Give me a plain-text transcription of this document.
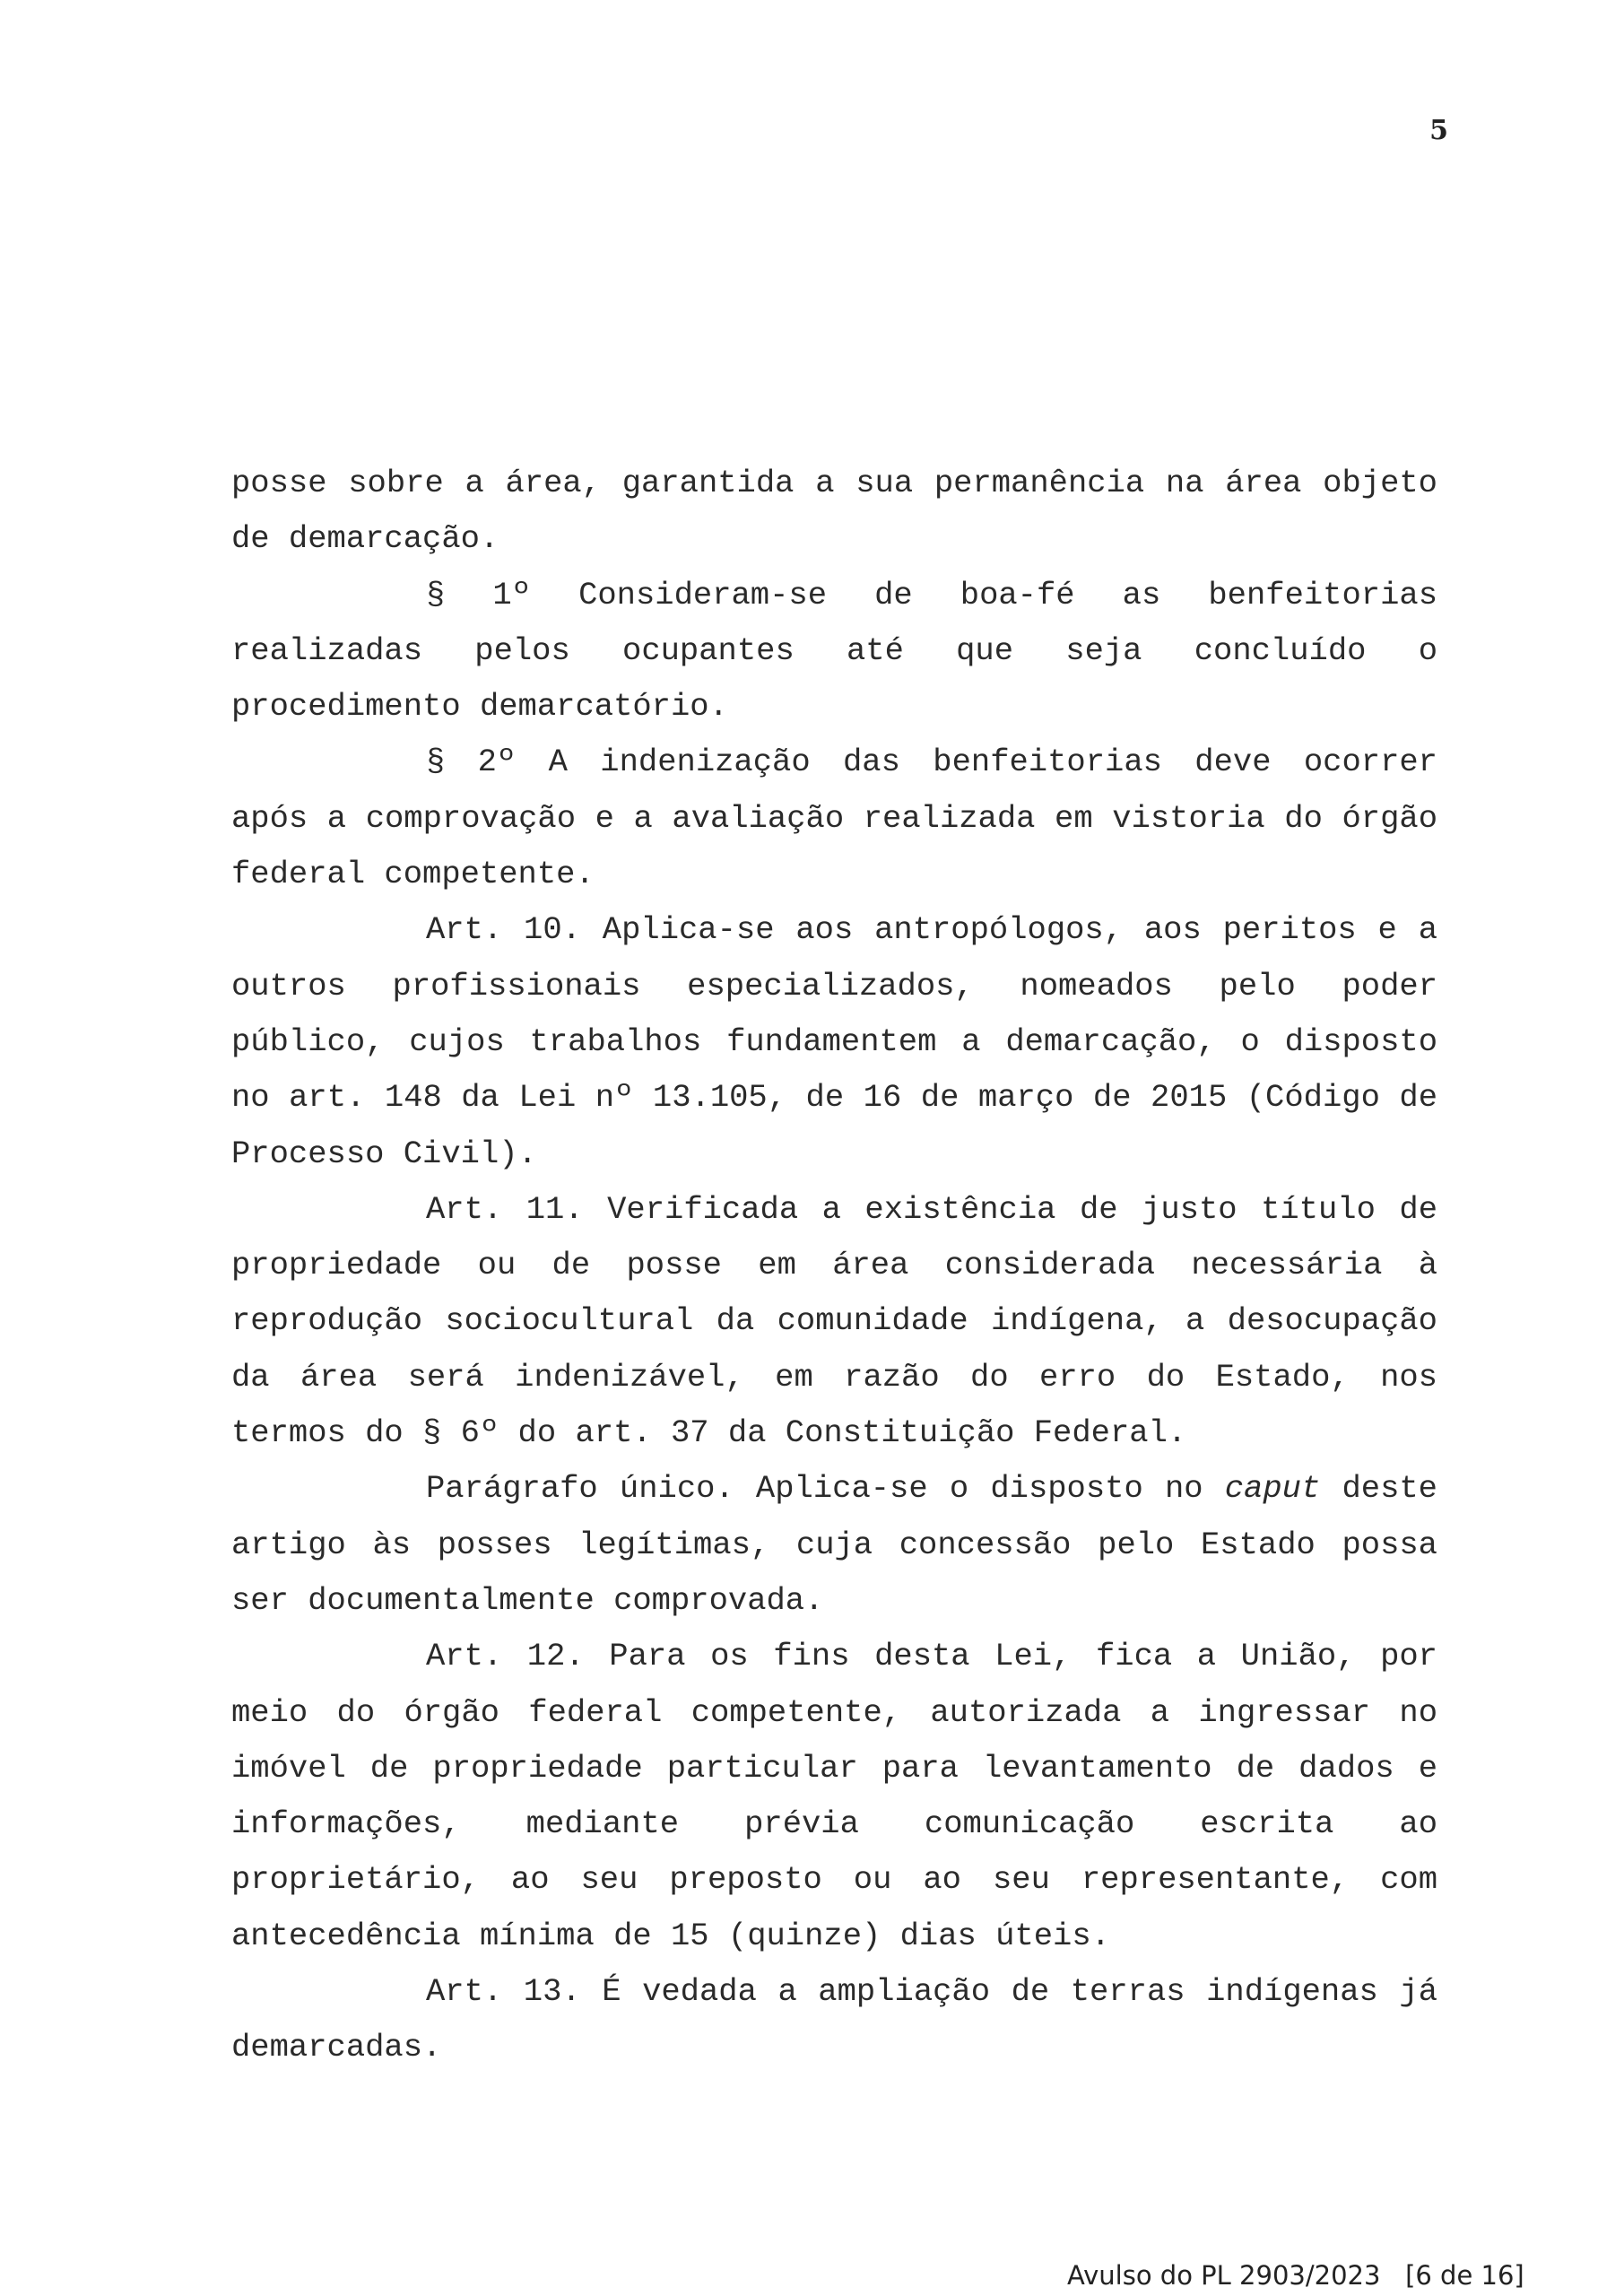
5

posse sobre a área, garantida a sua permanência na área objeto de demarcação.

§ 1º Consideram-se de boa-fé as benfeitorias realizadas pelos ocupantes até que seja concluído o procedimento demarcatório.

§ 2º A indenização das benfeitorias deve ocorrer após a comprovação e a avaliação realizada em vistoria do órgão federal competente.

Art. 10. Aplica-se aos antropólogos, aos peritos e a outros profissionais especializados, nomeados pelo poder público, cujos trabalhos fundamentem a demarcação, o disposto no art. 148 da Lei nº 13.105, de 16 de março de 2015 (Código de Processo Civil).

Art. 11. Verificada a existência de justo título de propriedade ou de posse em área considerada necessária à reprodução sociocultural da comunidade indígena, a desocupação da área será indenizável, em razão do erro do Estado, nos termos do § 6º do art. 37 da Constituição Federal.

Parágrafo único. Aplica-se o disposto no caput deste artigo às posses legítimas, cuja concessão pelo Estado possa ser documentalmente comprovada.

Art. 12. Para os fins desta Lei, fica a União, por meio do órgão federal competente, autorizada a ingressar no imóvel de propriedade particular para levantamento de dados e informações, mediante prévia comunicação escrita ao proprietário, ao seu preposto ou ao seu representante, com antecedência mínima de 15 (quinze) dias úteis.

Art. 13. É vedada a ampliação de terras indígenas já demarcadas.

Avulso do PL 2903/2023 [6 de 16]
